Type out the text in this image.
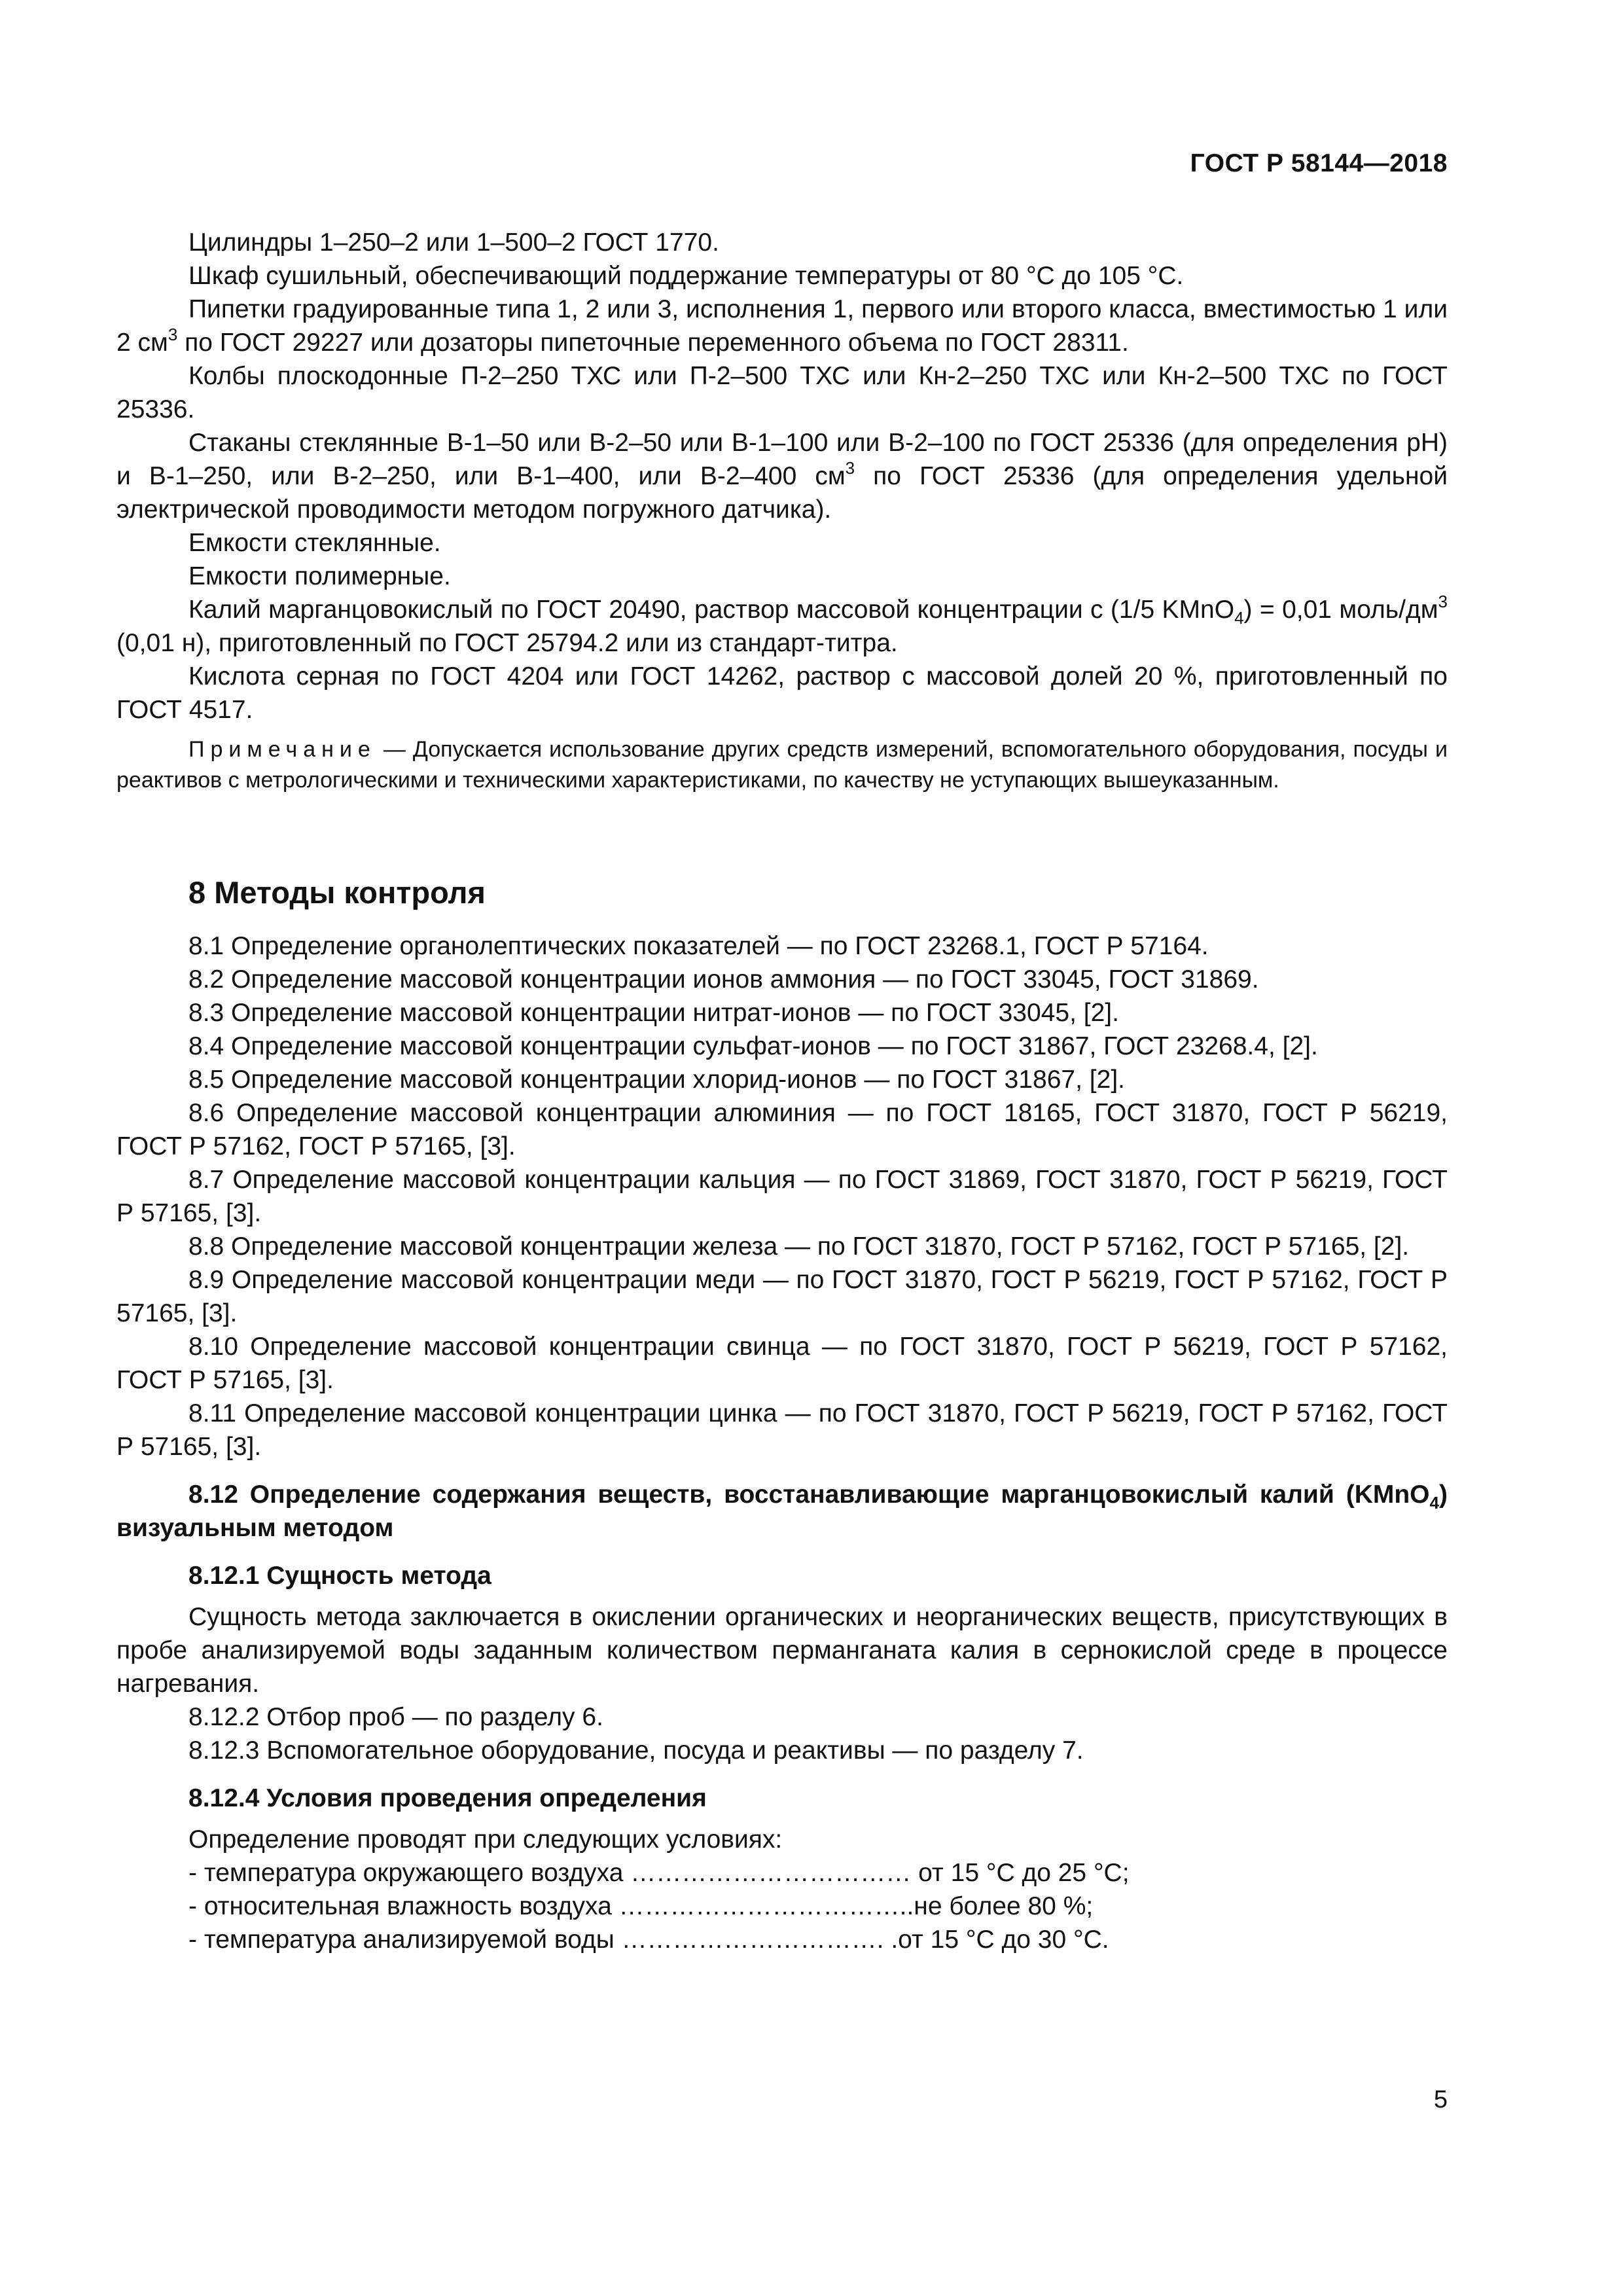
ГОСТ Р 58144—2018

Цилиндры 1–250–2 или 1–500–2 ГОСТ 1770.

Шкаф сушильный, обеспечивающий поддержание температуры от 80 °С до 105 °С.

Пипетки градуированные типа 1, 2 или 3, исполнения 1, первого или второго класса, вместимостью 1 или 2 $см^3$ по ГОСТ 29227 или дозаторы пипеточные переменного объема по ГОСТ 28311.

Колбы плоскодонные П-2–250 ТХС или П-2–500 ТХС или Кн-2–250 ТХС или Кн-2–500 ТХС по ГОСТ 25336.

Стаканы стеклянные В-1–50 или В-2–50 или В-1–100 или В-2–100 по ГОСТ 25336 (для определения рН) и В-1–250, или В-2–250, или В-1–400, или В-2–400 $см^3$ по ГОСТ 25336 (для определения удельной электрической проводимости методом погружного датчика).

Емкости стеклянные.

Емкости полимерные.

Калий марганцовокислый по ГОСТ 20490, раствор массовой концентрации с (1/5 KMnO$_4$) = 0,01 моль/$дм^3$ (0,01 н), приготовленный по ГОСТ 25794.2 или из стандарт-титра.

Кислота серная по ГОСТ 4204 или ГОСТ 14262, раствор с массовой долей 20 %, приготовленный по ГОСТ 4517.

Примечание — Допускается использование других средств измерений, вспомогательного оборудования, посуды и реактивов с метрологическими и техническими характеристиками, по качеству не уступающих вышеуказанным.

8 Методы контроля

8.1 Определение органолептических показателей — по ГОСТ 23268.1, ГОСТ Р 57164.

8.2 Определение массовой концентрации ионов аммония — по ГОСТ 33045, ГОСТ 31869.

8.3 Определение массовой концентрации нитрат-ионов — по ГОСТ 33045, [2].

8.4 Определение массовой концентрации сульфат-ионов — по ГОСТ 31867, ГОСТ 23268.4, [2].

8.5 Определение массовой концентрации хлорид-ионов — по ГОСТ 31867, [2].

8.6 Определение массовой концентрации алюминия — по ГОСТ 18165, ГОСТ 31870, ГОСТ Р 56219, ГОСТ Р 57162, ГОСТ Р 57165, [3].

8.7 Определение массовой концентрации кальция — по ГОСТ 31869, ГОСТ 31870, ГОСТ Р 56219, ГОСТ Р 57165, [3].

8.8 Определение массовой концентрации железа — по ГОСТ 31870, ГОСТ Р 57162, ГОСТ Р 57165, [2].

8.9 Определение массовой концентрации меди — по ГОСТ 31870, ГОСТ Р 56219, ГОСТ Р 57162, ГОСТ Р 57165, [3].

8.10 Определение массовой концентрации свинца — по ГОСТ 31870, ГОСТ Р 56219, ГОСТ Р 57162, ГОСТ Р 57165, [3].

8.11 Определение массовой концентрации цинка — по ГОСТ 31870, ГОСТ Р 56219, ГОСТ Р 57162, ГОСТ Р 57165, [3].

8.12 Определение содержания веществ, восстанавливающие марганцовокислый калий (KMnO$_4$) визуальным методом

8.12.1 Сущность метода

Сущность метода заключается в окислении органических и неорганических веществ, присутствующих в пробе анализируемой воды заданным количеством перманганата калия в сернокислой среде в процессе нагревания.

8.12.2 Отбор проб — по разделу 6.

8.12.3 Вспомогательное оборудование, посуда и реактивы — по разделу 7.

8.12.4 Условия проведения определения

Определение проводят при следующих условиях:

- температура окружающего воздуха …………………………… от 15 °С до 25 °С;

- относительная влажность воздуха ……………………………..не более 80 %;

- температура анализируемой воды …………………………. .от 15 °С до 30 °С.

5
